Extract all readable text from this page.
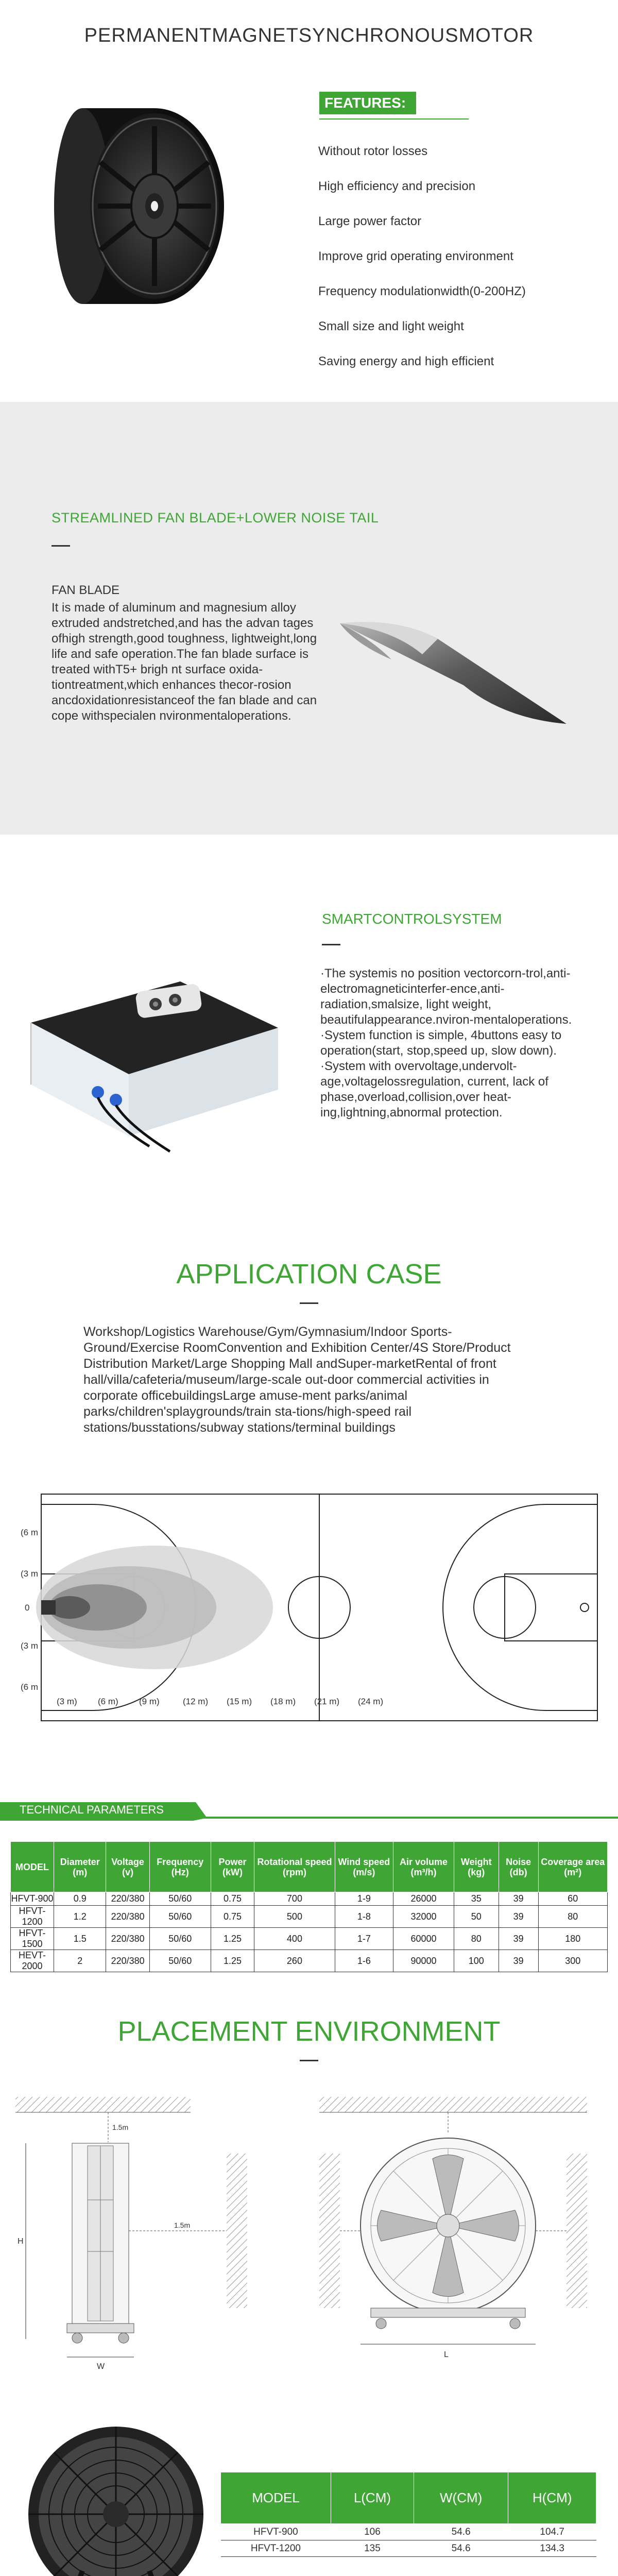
PERMANENTMAGNETSYNCHRONOUSMOTOR
FEATURES:
Without rotor losses
High efficiency and precision
Large power factor
Improve grid operating environment
Frequency modulationwidth(0-200HZ)
Small size and light weight
Saving energy and high efficient
STREAMLINED FAN BLADE+LOWER NOISE TAIL
FAN BLADE
It is made of aluminum and magnesium alloy extruded andstretched,and has the advan tages ofhigh strength,good toughness, lightweight,long life and safe operation.The fan blade surface is treated withT5+ brigh nt surface oxida-tiontreatment,which enhances thecor-rosion ancdoxidationresistanceof the fan blade and can cope withspecialen nvironmentaloperations.
SMARTCONTROLSYSTEM

·The systemis no position vectorcorn-trol,anti-electromagneticinterfer-ence,anti-radiation,smalsize, light weight, beautifulappearance.nviron-mentaloperations.

·System function is simple, 4buttons easy to operation(start, stop,speed up, slow down).

·System with overvoltage,undervolt-age,voltagelossregulation, current, lack of phase,overload,collision,over heat-ing,lightning,abnormal protection.

APPLICATION CASE
Workshop/Logistics Warehouse/Gym/Gymnasium/Indoor Sports-Ground/Exercise RoomConvention and Exhibition Center/4S Store/Product Distribution Market/Large Shopping Mall andSuper-marketRental of front hall/villa/cafeteria/museum/large-scale out-door commercial activities in corporate officebuildingsLarge amuse-ment parks/animal parks/children'splaygrounds/train sta-tions/high-speed rail stations/busstations/subway stations/terminal buildings
(6 m
(3 m
0
(3 m
(6 m
(3 m) (6 m) (9 m)	(12 m) (15 m) (18 m) (21 m) (24 m)
TECHNICAL PARAMETERS
MODEL	Diameter (m)	Voltage (v)	Frequency (Hz)	Power (kW)	Rotational speed (rpm)	Wind speed (m/s)	Air volume (m³/h)	Weight (kg)	Noise (db)	Coverage area (m²)
HFVT-900	0.9	220/380	50/60	0.75	700	1-9	26000	35	39	60
HFVT-1200	1.2	220/380	50/60	0.75	500	1-8	32000	50	39	80
HFVT-1500	1.5	220/380	50/60	1.25	400	1-7	60000	80	39	180
HEVT-2000	2	220/380	50/60	1.25	260	1-6	90000	100	39	300
PLACEMENT ENVIRONMENT
1.5m
1.5m
H
W
L
MODEL	L(CM)	W(CM)	H(CM)
HFVT-900	106	54.6	104.7
HFVT-1200	135	54.6	134.3
